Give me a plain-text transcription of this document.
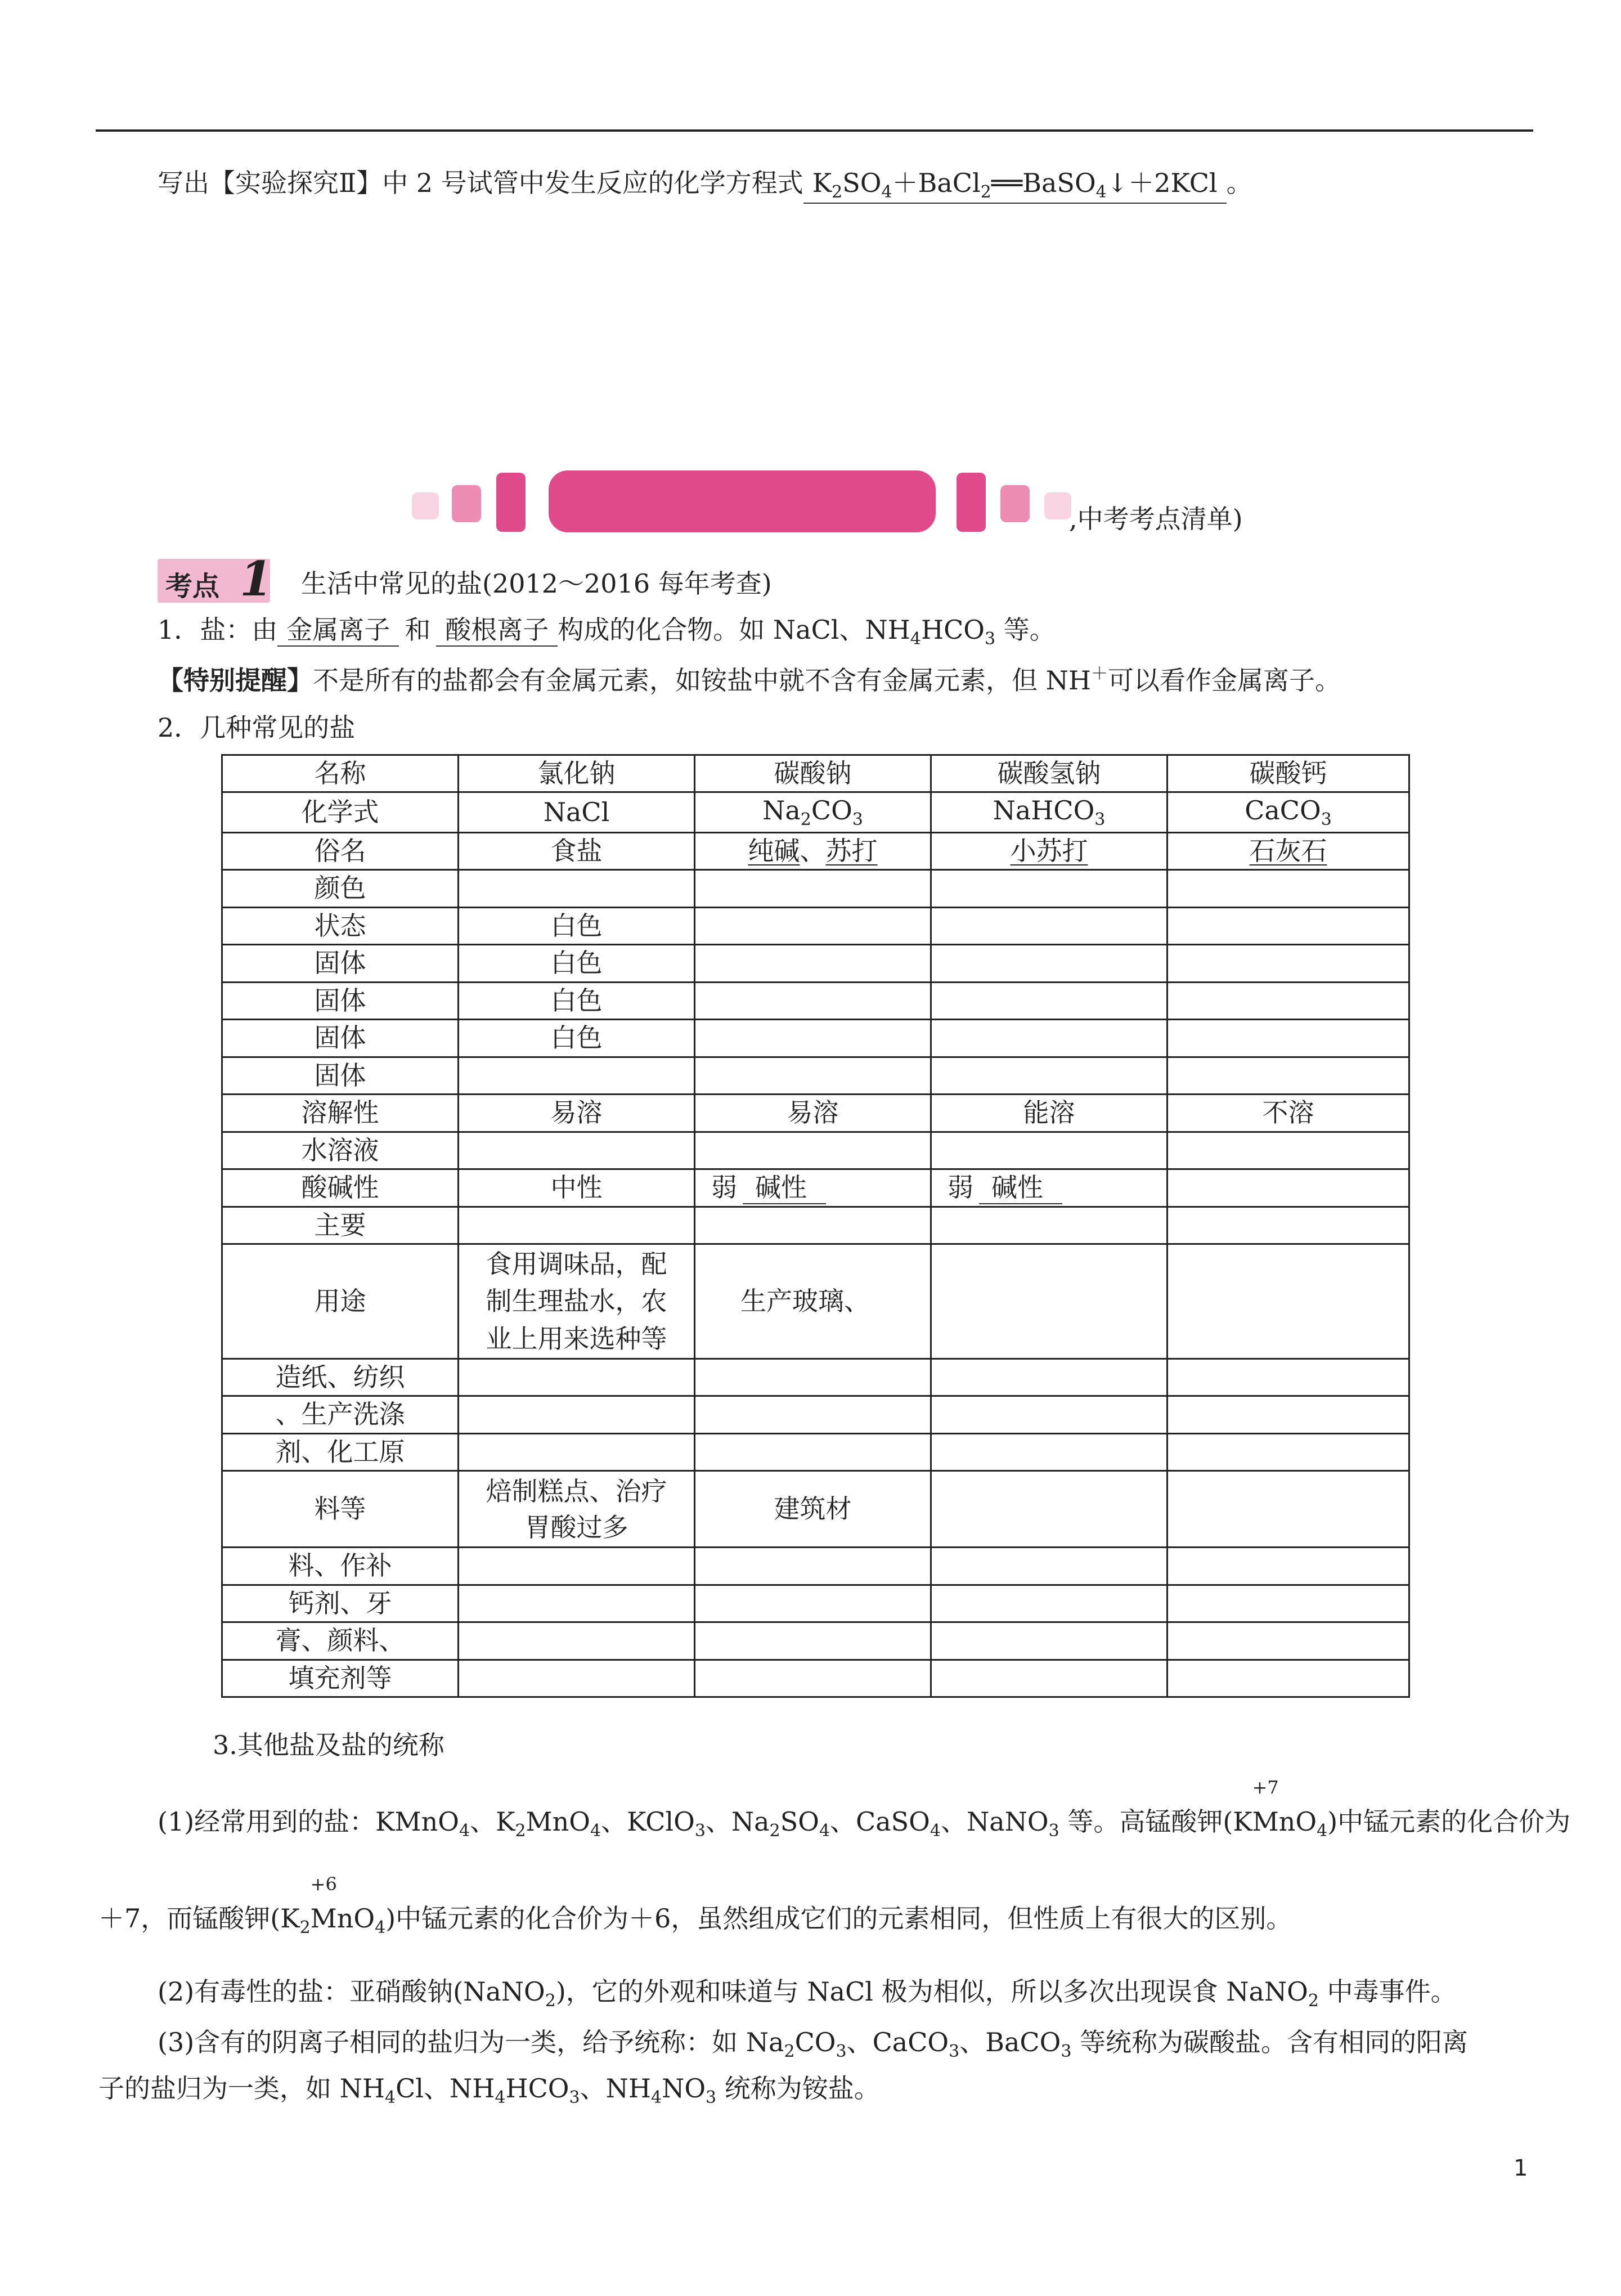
写出【实验探究Ⅱ】中 2 号试管中发生反应的化学方程式 $K_2SO_4+BaCl_2══BaSO_4↓+2KCl$ 。
,中考考点清单)
考点 1 生活中常见的盐(2012～2016 每年考查)
1．盐：由 金属离子 和 酸根离子 构成的化合物。如 NaCl、$NH_4HCO_3$ 等。
【特别提醒】不是所有的盐都会有金属元素，如铵盐中就不含有金属元素，但 NH＋可以看作金属离子。
2．几种常见的盐
名称	氯化钠	碳酸钠	碳酸氢钠	碳酸钙
化学式	NaCl	$Na_2CO_3$	NaHCO$_3$	CaCO$_3$
俗名	食盐	纯碱、苏打	小苏打	石灰石
颜色				
状态	白色			
固体	白色			
固体	白色			
固体	白色			
固体				
溶解性	易溶	易溶	能溶	不溶
水溶液				
酸碱性	中性	弱 碱性	弱 碱性	
主要				
用途	食用调味品，配
制生理盐水，农
业上用来选种等	生产玻璃、		
造纸、纺织				
、生产洗涤				
剂、化工原				
料等	焙制糕点、治疗
胃酸过多	建筑材		
料、作补				
钙剂、牙				
膏、颜料、				
填充剂等				
3.其他盐及盐的统称
(1)经常用到的盐：KMnO$_4$、$K_2MnO_4$、KClO$_3$、$Na_2SO_4$、CaSO$_4$、NaNO$_3$ 等。高锰酸钾(K
+7
MnO$_4$)中锰元素的化合价为
＋7，而锰酸钾($K_2$
+6
MnO$_4$)中锰元素的化合价为＋6，虽然组成它们的元素相同，但性质上有很大的区别。
(2)有毒性的盐：亚硝酸钠(NaNO$_2$)，它的外观和味道与 NaCl 极为相似，所以多次出现误食 NaNO$_2$ 中毒事件。
(3)含有的阴离子相同的盐归为一类，给予统称：如 $Na_2CO_3$、CaCO$_3$、BaCO$_3$ 等统称为碳酸盐。含有相同的阳离
子的盐归为一类，如 $NH_4Cl$、$NH_4HCO_3$、$NH_4NO_3$ 统称为铵盐。
1
